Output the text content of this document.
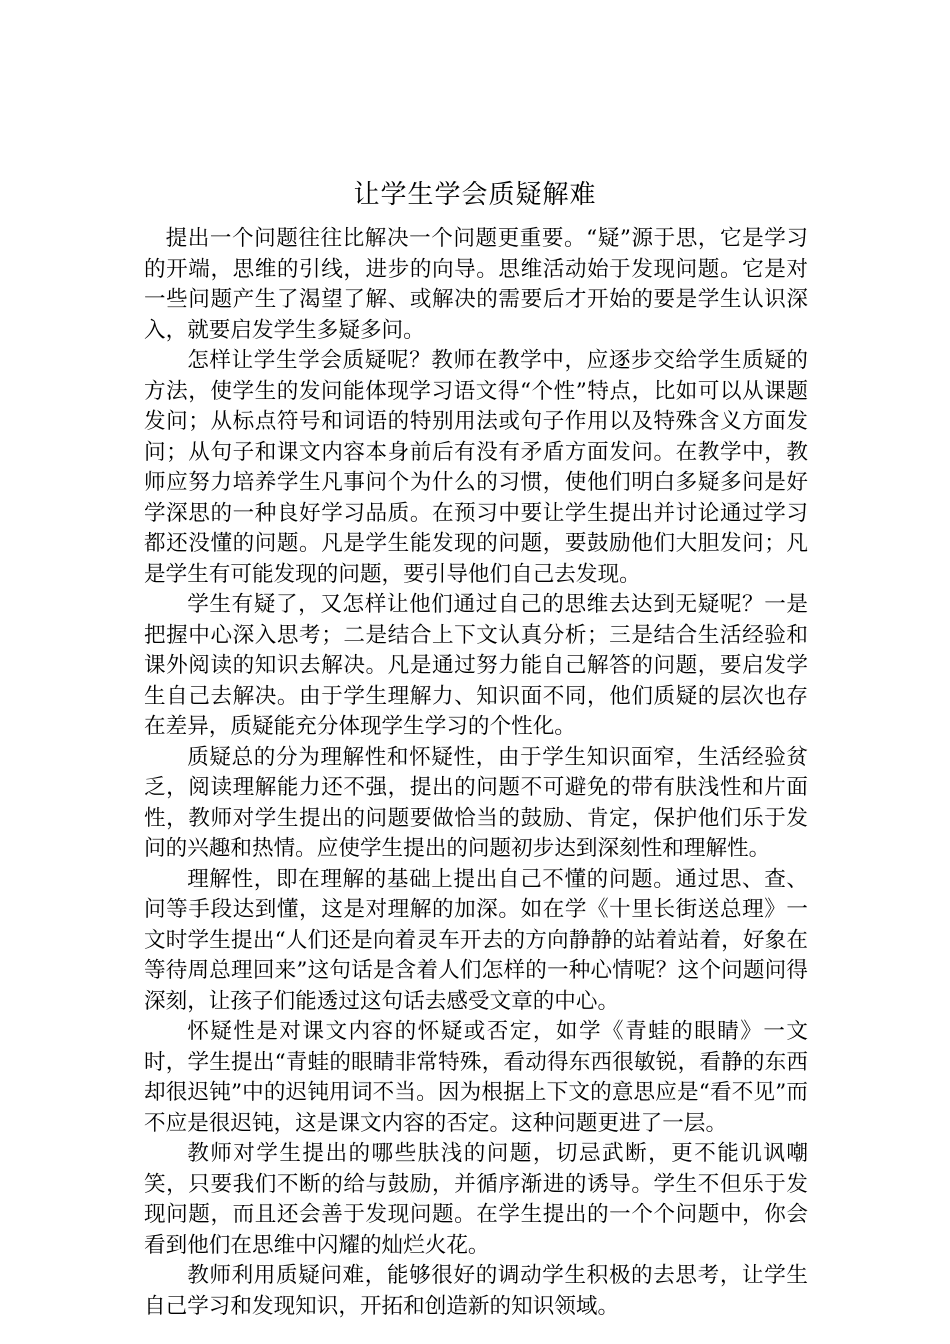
让学生学会质疑解难

提出一个问题往往比解决一个问题更重要。“疑”源于思，它是学习的开端，思维的引线，进步的向导。思维活动始于发现问题。它是对一些问题产生了渴望了解、或解决的需要后才开始的要是学生认识深入，就要启发学生多疑多问。

怎样让学生学会质疑呢？教师在教学中，应逐步交给学生质疑的方法，使学生的发问能体现学习语文得“个性”特点，比如可以从课题发问；从标点符号和词语的特别用法或句子作用以及特殊含义方面发问；从句子和课文内容本身前后有没有矛盾方面发问。在教学中，教师应努力培养学生凡事问个为什么的习惯，使他们明白多疑多问是好学深思的一种良好学习品质。在预习中要让学生提出并讨论通过学习都还没懂的问题。凡是学生能发现的问题，要鼓励他们大胆发问；凡是学生有可能发现的问题，要引导他们自己去发现。

学生有疑了，又怎样让他们通过自己的思维去达到无疑呢？一是把握中心深入思考；二是结合上下文认真分析；三是结合生活经验和课外阅读的知识去解决。凡是通过努力能自己解答的问题，要启发学生自己去解决。由于学生理解力、知识面不同，他们质疑的层次也存在差异，质疑能充分体现学生学习的个性化。

质疑总的分为理解性和怀疑性，由于学生知识面窄，生活经验贫乏，阅读理解能力还不强，提出的问题不可避免的带有肤浅性和片面性，教师对学生提出的问题要做恰当的鼓励、肯定，保护他们乐于发问的兴趣和热情。应使学生提出的问题初步达到深刻性和理解性。

理解性，即在理解的基础上提出自己不懂的问题。通过思、查、问等手段达到懂，这是对理解的加深。如在学《十里长街送总理》一文时学生提出“人们还是向着灵车开去的方向静静的站着站着，好象在等待周总理回来”这句话是含着人们怎样的一种心情呢？这个问题问得深刻，让孩子们能透过这句话去感受文章的中心。

怀疑性是对课文内容的怀疑或否定，如学《青蛙的眼睛》一文时，学生提出“青蛙的眼睛非常特殊，看动得东西很敏锐，看静的东西却很迟钝”中的迟钝用词不当。因为根据上下文的意思应是“看不见”而不应是很迟钝，这是课文内容的否定。这种问题更进了一层。

教师对学生提出的哪些肤浅的问题，切忌武断，更不能讥讽嘲笑，只要我们不断的给与鼓励，并循序渐进的诱导。学生不但乐于发现问题，而且还会善于发现问题。在学生提出的一个个问题中，你会看到他们在思维中闪耀的灿烂火花。

教师利用质疑问难，能够很好的调动学生积极的去思考，让学生自己学习和发现知识，开拓和创造新的知识领域。
